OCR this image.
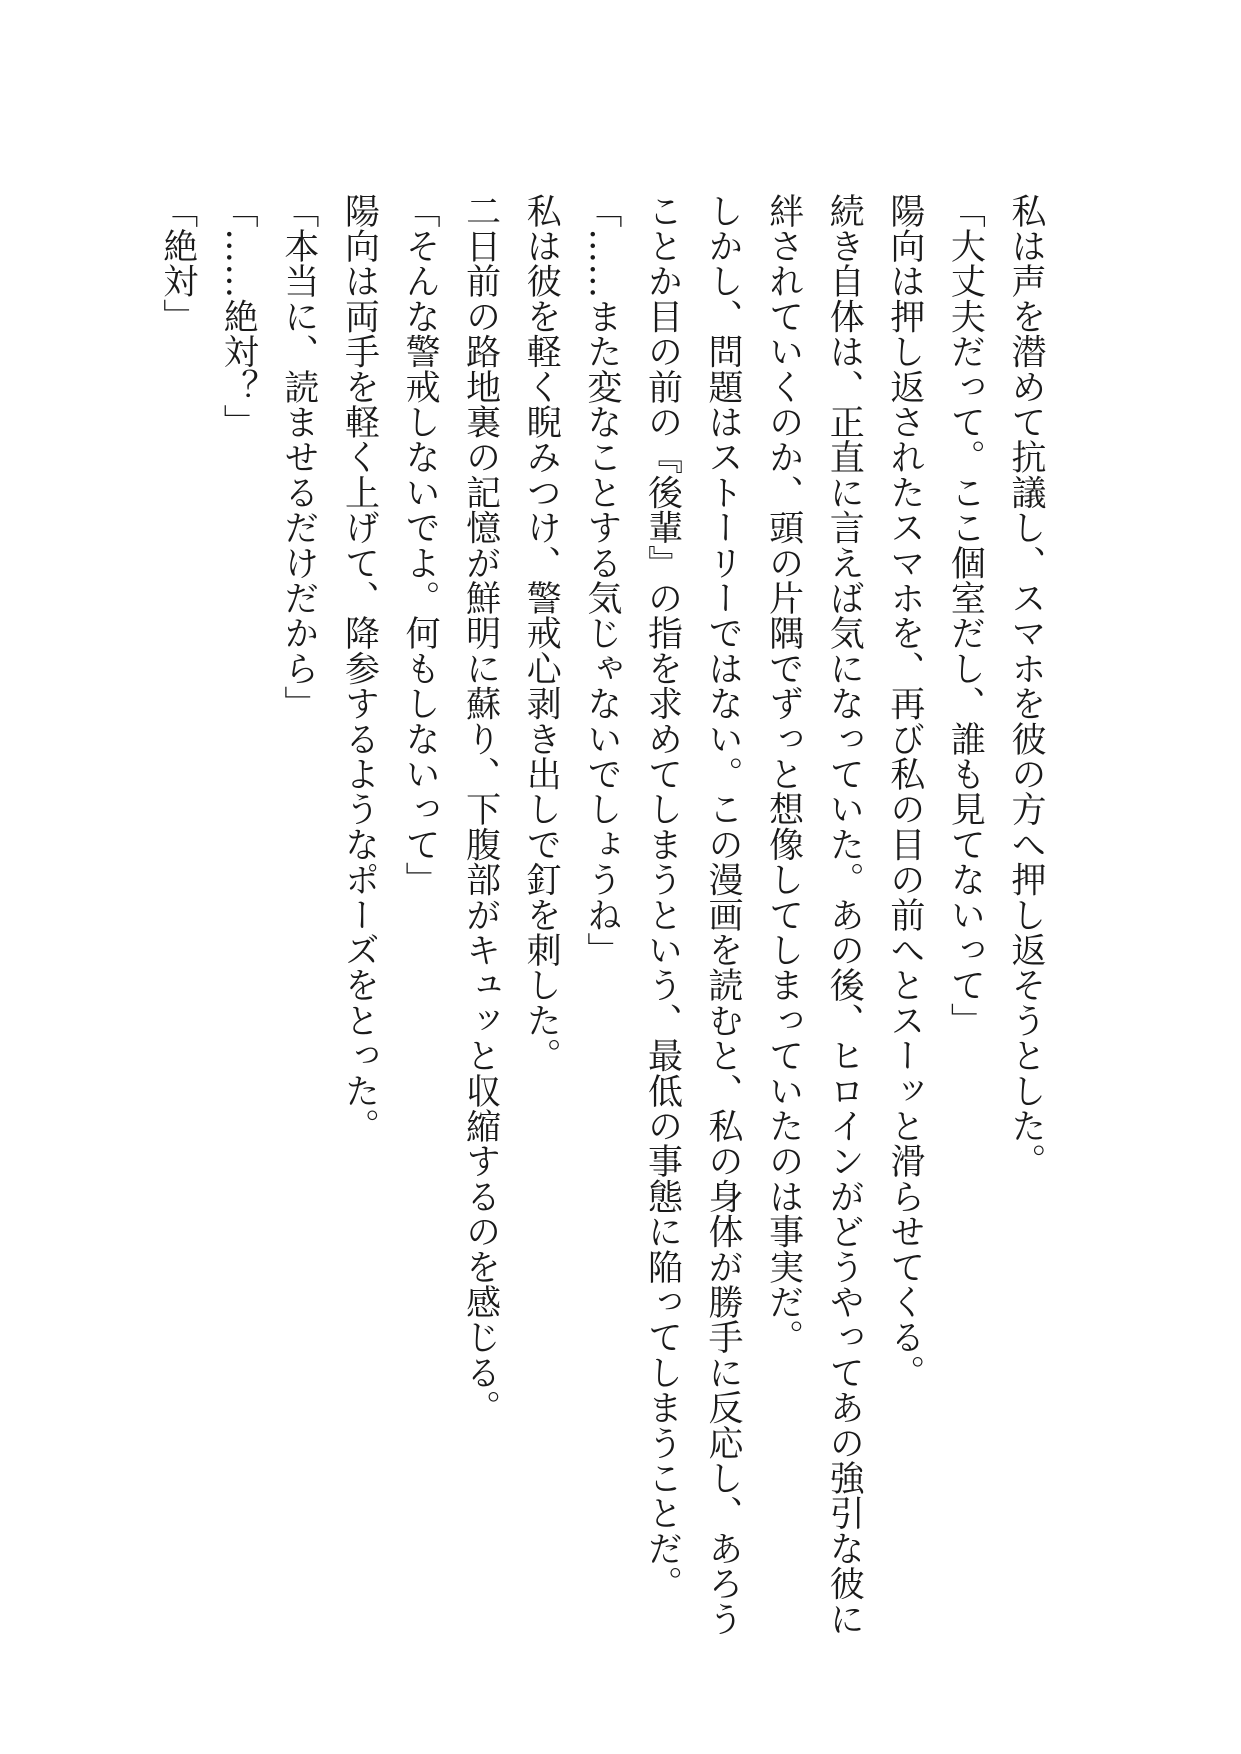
私は声を潜めて抗議し、スマホを彼の方へ押し返そうとした。
「大丈夫だって。ここ個室だし、誰も見てないって」
陽向は押し返されたスマホを、再び私の目の前へとスーッと滑らせてくる。
続き自体は、正直に言えば気になっていた。あの後、ヒロインがどうやってあの強引な彼に
絆されていくのか、頭の片隅でずっと想像してしまっていたのは事実だ。
しかし、問題はストーリーではない。この漫画を読むと、私の身体が勝手に反応し、あろう
ことか目の前の『後輩』の指を求めてしまうという、最低の事態に陥ってしまうことだ。
「……また変なことする気じゃないでしょうね」
私は彼を軽く睨みつけ、警戒心剥き出しで釘を刺した。
二日前の路地裏の記憶が鮮明に蘇り、下腹部がキュッと収縮するのを感じる。
「そんな警戒しないでよ。何もしないって」
陽向は両手を軽く上げて、降参するようなポーズをとった。
「本当に、読ませるだけだから」
「……絶対？」
「絶対」
